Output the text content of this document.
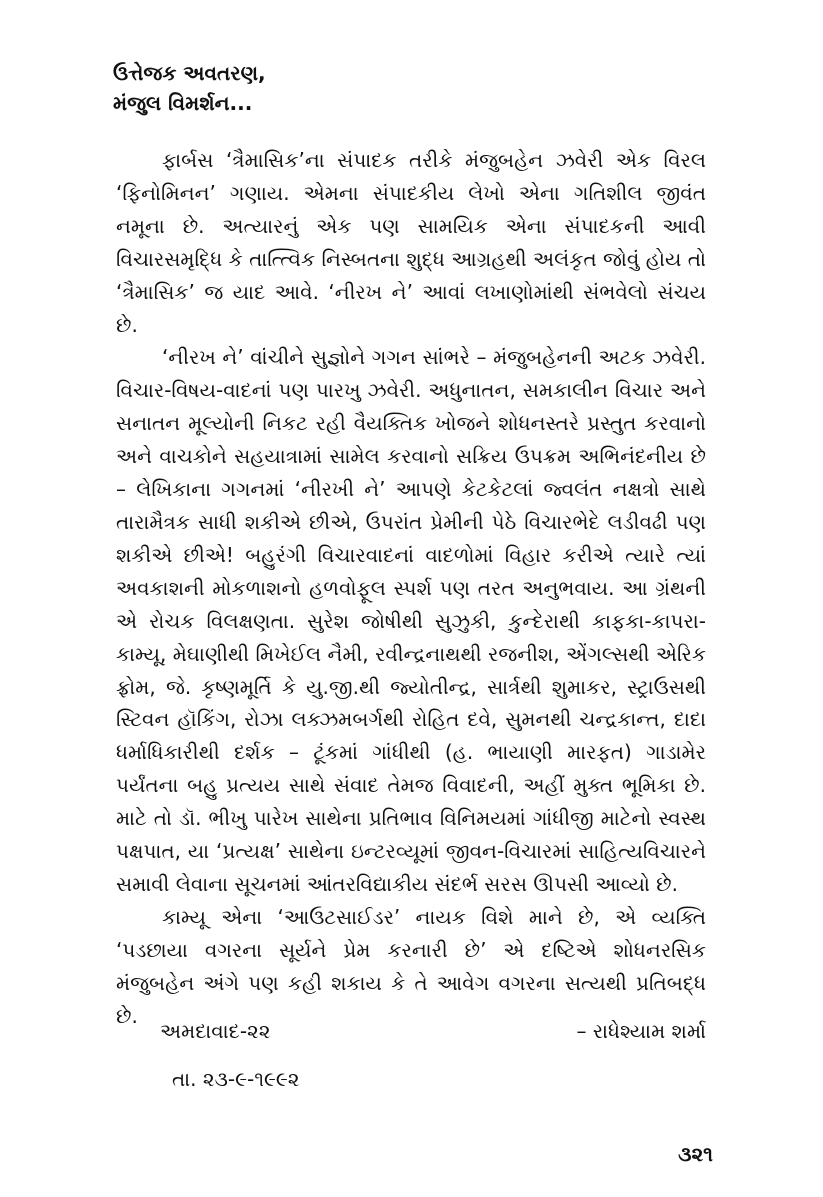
ઉત્તેજક અવતરણ,
મંજુલ વિમર્શન...

ફાર્બસ ‘ત્રૈમાસિક’ના સંપાદક તરીકે મંજુબહેન ઝવેરી એક વિરલ ‘ફિનોમિનન’ ગણાય. એમના સંપાદકીય લેખો એના ગતિશીલ જીવંત નમૂના છે. અત્યારનું એક પણ સામયિક એના સંપાદકની આવી વિચારસમૃદ્ધિ કે તાત્ત્વિક નિસ્બતના શુદ્ધ આગ્રહથી અલંકૃત જોવું હોય તો ‘ત્રૈમાસિક’ જ યાદ આવે. ‘નીરખ ને’ આવાં લખાણોમાંથી સંભવેલો સંચય છે.

‘નીરખ ને’ વાંચીને સુજ્ઞોને ગગન સાંભરે – મંજુબહેનની અટક ઝવેરી. વિચાર-વિષય-વાદનાં પણ પારખુ ઝવેરી. અધુનાતન, સમકાલીન વિચાર અને સનાતન મૂલ્યોની નિકટ રહી વૈયક્તિક ખોજને શોધનસ્તરે પ્રસ્તુત કરવાનો અને વાચકોને સહયાત્રામાં સામેલ કરવાનો સક્રિય ઉપક્રમ અભિનંદનીય છે – લેખિકાના ગગનમાં ‘નીરખી ને’ આપણે કેટકેટલાં જ્વલંત નક્ષત્રો સાથે તારામૈત્રક સાધી શકીએ છીએ, ઉપરાંત પ્રેમીની પેઠે વિચારભેદે લડીવઢી પણ શકીએ છીએ! બહુરંગી વિચારવાદનાં વાદળોમાં વિહાર કરીએ ત્યારે ત્યાં અવકાશની મોકળાશનો હળવોફૂલ સ્પર્શ પણ તરત અનુભવાય. આ ગ્રંથની એ રોચક વિલક્ષણતા. સુરેશ જોષીથી સુઝુકી, કુન્દેરાથી કાફકા-કાપરા-કામ્યૂ, મેઘાણીથી મિખેઈલ નૈમી, રવીન્દ્રનાથથી રજનીશ, એંગલ્સથી એરિક ફ્રોમ, જે. કૃષ્ણમૂર્તિ કે યુ.જી.થી જ્યોતીન્દ્ર, સાર્ત્રથી શુમાકર, સ્ટ્રાઉસથી સ્ટિવન હૉકિંગ, રોઝા લક્ઝમબર્ગથી રોહિત દવે, સુમનથી ચન્દ્રકાન્ત, દાદા ધર્માધિકારીથી દર્શક – ટૂંકમાં ગાંધીથી (હ. ભાયાણી મારફત) ગાડામેર પર્યંતના બહુ પ્રત્યય સાથે સંવાદ તેમજ વિવાદની, અહીં મુક્ત ભૂમિકા છે. માટે તો ડૉ. ભીખુ પારેખ સાથેના પ્રતિભાવ વિનિમયમાં ગાંધીજી માટેનો સ્વસ્થ પક્ષપાત, યા ‘પ્રત્યક્ષ’ સાથેના ઇન્ટરવ્યૂમાં જીવન-વિચારમાં સાહિત્યવિચારને સમાવી લેવાના સૂચનમાં આંતરવિદ્યાકીય સંદર્ભ સરસ ઊપસી આવ્યો છે.

કામ્યૂ એના ‘આઉટસાઈડર’ નાયક વિશે માને છે, એ વ્યક્તિ ‘પડછાયા વગરના સૂર્યને પ્રેમ કરનારી છે’ એ દષ્ટિએ શોધનરસિક મંજુબહેન અંગે પણ કહી શકાય કે તે આવેગ વગરના સત્યથી પ્રતિબદ્ધ છે.

અમદાવાદ-૨૨	– રાધેશ્યામ શર્મા
તા. ૨૩-૯-૧૯૯૨
૩૨૧
